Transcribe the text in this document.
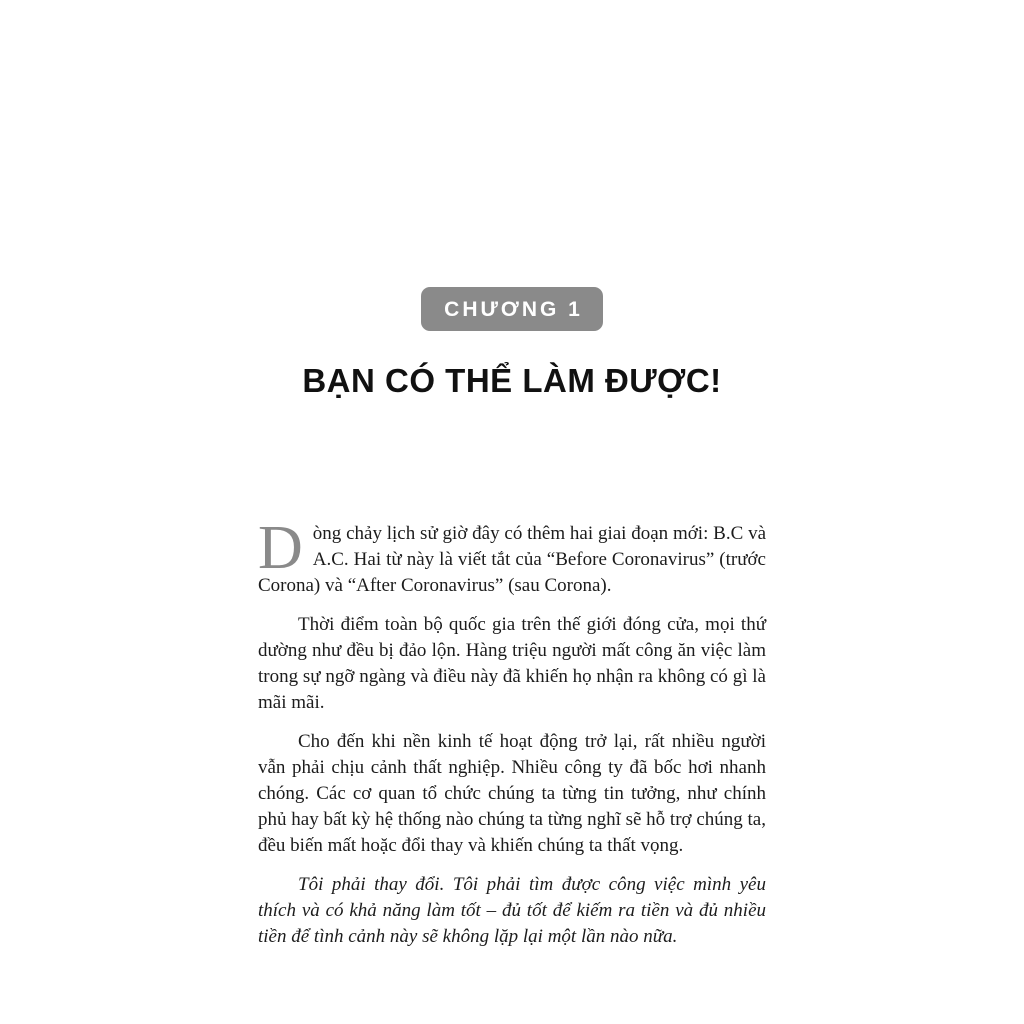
CHƯƠNG 1
BẠN CÓ THỂ LÀM ĐƯỢC!

Dòng chảy lịch sử giờ đây có thêm hai giai đoạn mới: B.C và A.C. Hai từ này là viết tắt của “Before Coronavirus” (trước Corona) và “After Coronavirus” (sau Corona).

Thời điểm toàn bộ quốc gia trên thế giới đóng cửa, mọi thứ dường như đều bị đảo lộn. Hàng triệu người mất công ăn việc làm trong sự ngỡ ngàng và điều này đã khiến họ nhận ra không có gì là mãi mãi.

Cho đến khi nền kinh tế hoạt động trở lại, rất nhiều người vẫn phải chịu cảnh thất nghiệp. Nhiều công ty đã bốc hơi nhanh chóng. Các cơ quan tổ chức chúng ta từng tin tưởng, như chính phủ hay bất kỳ hệ thống nào chúng ta từng nghĩ sẽ hỗ trợ chúng ta, đều biến mất hoặc đổi thay và khiến chúng ta thất vọng.

Tôi phải thay đổi. Tôi phải tìm được công việc mình yêu thích và có khả năng làm tốt – đủ tốt để kiếm ra tiền và đủ nhiều tiền để tình cảnh này sẽ không lặp lại một lần nào nữa.
